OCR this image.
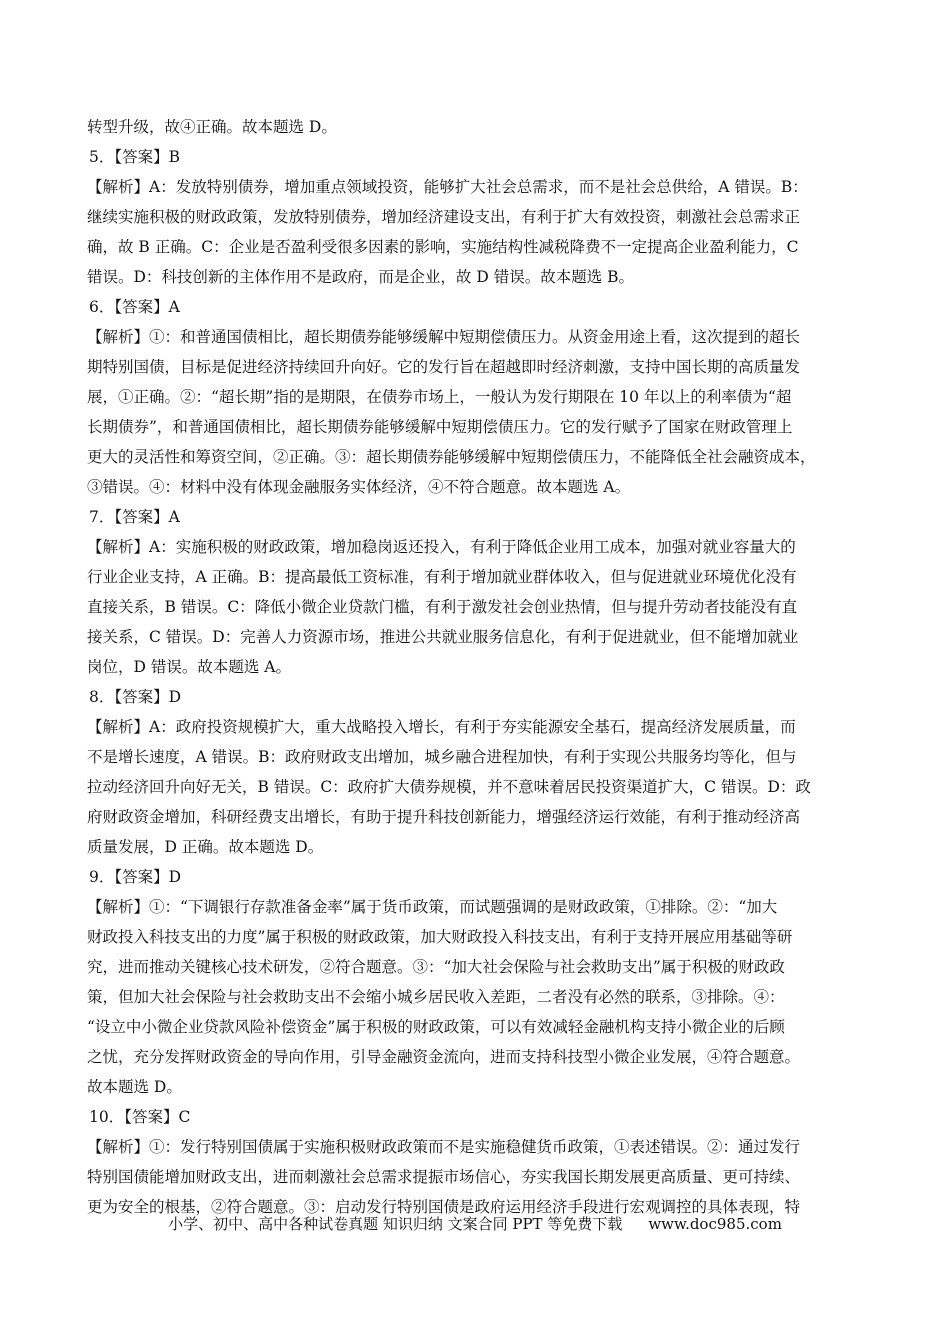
转型升级，故④正确。故本题选 D。
5．【答案】B
【解析】A：发放特别债券，增加重点领域投资，能够扩大社会总需求，而不是社会总供给，A 错误。B：
继续实施积极的财政政策，发放特别债券，增加经济建设支出，有利于扩大有效投资，刺激社会总需求正
确，故 B 正确。C：企业是否盈利受很多因素的影响，实施结构性减税降费不一定提高企业盈利能力，C
错误。D：科技创新的主体作用不是政府，而是企业，故 D 错误。故本题选 B。
6．【答案】A
【解析】①：和普通国债相比，超长期债券能够缓解中短期偿债压力。从资金用途上看，这次提到的超长
期特别国债，目标是促进经济持续回升向好。它的发行旨在超越即时经济刺激，支持中国长期的高质量发
展，①正确。②：“超长期”指的是期限，在债券市场上，一般认为发行期限在 10 年以上的利率债为“超
长期债券”，和普通国债相比，超长期债券能够缓解中短期偿债压力。它的发行赋予了国家在财政管理上
更大的灵活性和筹资空间，②正确。③：超长期债券能够缓解中短期偿债压力，不能降低全社会融资成本，
③错误。④：材料中没有体现金融服务实体经济，④不符合题意。故本题选 A。
7．【答案】A
【解析】A：实施积极的财政政策，增加稳岗返还投入，有利于降低企业用工成本，加强对就业容量大的
行业企业支持，A 正确。B：提高最低工资标准，有利于增加就业群体收入，但与促进就业环境优化没有
直接关系，B 错误。C：降低小微企业贷款门槛，有利于激发社会创业热情，但与提升劳动者技能没有直
接关系，C 错误。D：完善人力资源市场，推进公共就业服务信息化，有利于促进就业，但不能增加就业
岗位，D 错误。故本题选 A。
8．【答案】D
【解析】A：政府投资规模扩大，重大战略投入增长，有利于夯实能源安全基石，提高经济发展质量，而
不是增长速度，A 错误。B：政府财政支出增加，城乡融合进程加快，有利于实现公共服务均等化，但与
拉动经济回升向好无关，B 错误。C：政府扩大债券规模，并不意味着居民投资渠道扩大，C 错误。D：政
府财政资金增加，科研经费支出增长，有助于提升科技创新能力，增强经济运行效能，有利于推动经济高
质量发展，D 正确。故本题选 D。
9．【答案】D
【解析】①：“下调银行存款准备金率”属于货币政策，而试题强调的是财政政策，①排除。②：“加大
财政投入科技支出的力度”属于积极的财政政策，加大财政投入科技支出，有利于支持开展应用基础等研
究，进而推动关键核心技术研发，②符合题意。③：“加大社会保险与社会救助支出”属于积极的财政政
策，但加大社会保险与社会救助支出不会缩小城乡居民收入差距，二者没有必然的联系，③排除。④：
“设立中小微企业贷款风险补偿资金”属于积极的财政政策，可以有效减轻金融机构支持小微企业的后顾
之忧，充分发挥财政资金的导向作用，引导金融资金流向，进而支持科技型小微企业发展，④符合题意。
故本题选 D。
10．【答案】C
【解析】①：发行特别国债属于实施积极财政政策而不是实施稳健货币政策，①表述错误。②：通过发行
特别国债能增加财政支出，进而刺激社会总需求提振市场信心，夯实我国长期发展更高质量、更可持续、
更为安全的根基，②符合题意。③：启动发行特别国债是政府运用经济手段进行宏观调控的具体表现，特
小学、初中、高中各种试卷真题 知识归纳 文案合同 PPT 等免费下载 www.doc985.com
